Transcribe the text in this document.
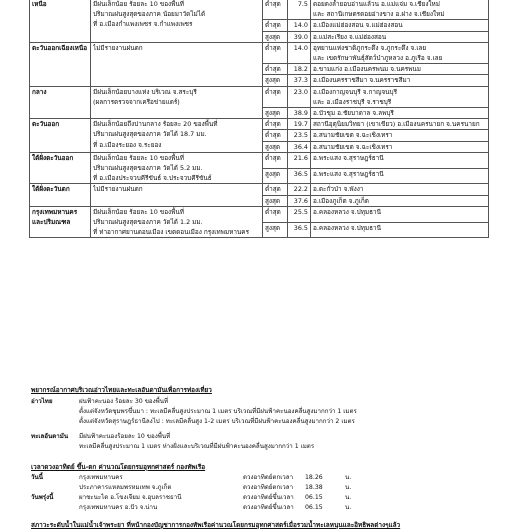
เหนือ	มีฝนเล็กน้อย ร้อยละ 10 ของพื้นที่
ปริมาณฝนสูงสุดของภาค น้อยมาวัดไม่ได้
ที่ อ.เมืองกำแพงเพชร จ.กำแพงเพชร	ต่ำสุด	7.5	ดอยดงล้ำยอบอ่านแล้วน อ.แม่แจ่ม จ.เชียงใหม่
และ สถานีเกษตรดอยอ่างขาง อ.ฝาง จ.เชียงใหม่

		ต่ำสุด	14.0	อ.เมืองแม่ฮ่องสอน จ.แม่ฮ่องสอน

		สูงสุด	39.0	อ.แม่สะเรียง จ.แม่ฮ่องสอน

ตะวันออกเฉียงเหนือ	ไม่มีรายงานฝนตก	ต่ำสุด	14.0	อุทยานแห่งชาติภูกระดึง จ.ภูกระดึง จ.เลย
และ เขตรักษาพันธุ์สัตว์ป่าภูหลวง อ.ภูเรือ จ.เลย

		ต่ำสุด	18.2	อ.ขามแก่ง อ.เมืองนครพนม จ.นครพนม

		สูงสุด	37.3	อ.เมืองนครราชสีมา จ.นครราชสีมา

กลาง	มีฝนเล็กน้อยบางแห่ง บริเวณ จ.สระบุรี
(ผลการตรวจจากเครือข่ายแดร์)	ต่ำสุด	23.0	อ.เมืองกาญจนบุรี จ.กาญจนบุรี
และ อ.เมืองราชบุรี จ.ราชบุรี

		สูงสุด	38.9	อ.บัวชุม อ.ชัยบาดาล จ.ลพบุรี

ตะวันออก	มีฝนเล็กน้อยถึงปานกลาง ร้อยละ 20 ของพื้นที่
ปริมาณฝนสูงสุดของภาค วัดได้ 18.7 มม.
ที่ อ.เมืองระยอง จ.ระยอง	ต่ำสุด	19.7	สถานีอุตุนิยมวิทยา (เขาเขียว) อ.เมืองนครนายก จ.นครนายก

		ต่ำสุด	23.5	อ.สนามชัยเขต จ.ฉะเชิงเทรา

		สูงสุด	36.4	อ.สนามชัยเขต จ.ฉะเชิงเทรา

ใต้ฝั่งตะวันออก	มีฝนเล็กน้อย ร้อยละ 10 ของพื้นที่
ปริมาณฝนสูงสุดของภาค วัดได้ 5.2 มม.
ที่ อ.เมืองประจวบคีรีขันธ์ จ.ประจวบคีรีขันธ์	ต่ำสุด	21.6	อ.พระแสง จ.สุราษฎร์ธานี

		สูงสุด	36.5	อ.พระแสง จ.สุราษฎร์ธานี

ใต้ฝั่งตะวันตก	ไม่มีรายงานฝนตก	ต่ำสุด	22.2	อ.ตะกั่วป่า จ.พังงา

		สูงสุด	37.6	อ.เมืองภูเก็ต จ.ภูเก็ต

กรุงเทพมหานครและปริมณฑล	มีฝนเล็กน้อย ร้อยละ 10 ของพื้นที่
ปริมาณฝนสูงสุดของภาค วัดได้ 1.2 มม.
ที่ ท่าอากาศยานดอนเมือง เขตดอนเมือง กรุงเทพมหานคร	ต่ำสุด	25.5	อ.คลองหลวง จ.ปทุมธานี

		สูงสุด	36.5	อ.คลองหลวง จ.ปทุมธานี
พยากรณ์อากาศบริเวณอ่าวไทยและทะเลอันดามันเพื่อการท่องเที่ยว
อ่าวไทย	ฝนฟ้าคะนอง ร้อยละ 30 ของพื้นที่
ตั้งแต่จังหวัดชุมพรขึ้นมา : ทะเลมีคลื่นสูงประมาณ 1 เมตร บริเวณที่มีฝนฟ้าคะนองคลื่นสูงมากกว่า 1 เมตร
ตั้งแต่จังหวัดสุราษฎร์ธานีลงไป : ทะเลมีคลื่นสูง 1-2 เมตร บริเวณที่มีฝนฟ้าคะนองคลื่นสูงมากกว่า 2 เมตร
ทะเลอันดามัน	มีฝนฟ้าคะนองร้อยละ 10 ของพื้นที่
ทะเลมีคลื่นสูงประมาณ 1 เมตร ห่างฝั่งและบริเวณที่มีฝนฟ้าคะนองคลื่นสูงมากกว่า 1 เมตร
เวลาดวงอาทิตย์ ขึ้น-ตก ค่านวณโดยกรมอุทกศาสตร์ กองทัพเรือ
วันนี้	กรุงเทพมหานคร	ดวงอาทิตย์ตกเวลา	18.26	น.
ประภาคารแหลมพรหมเทพ จ.ภูเก็ต	ดวงอาทิตย์ตกเวลา	18.38	น.
วันพรุ่งนี้	ผาชะนะได อ.โขงเจียม จ.อุบลราชธานี	ดวงอาทิตย์ขึ้นเวลา	06.15	น.
กรุงเทพมหานคร อ.ปัว จ.น่าน	ดวงอาทิตย์ขึ้นเวลา	06.15	น.
สภาวะระดับน้ำในแม่น้ำเจ้าพระยา ที่หน้ากองบัญชาการกองทัพเรือค่านวณโดยกรมอุทกศาสตร์เมื่อรวมน้ำทะเลหนุนและอิทธิพลต่างๆแล้ว
